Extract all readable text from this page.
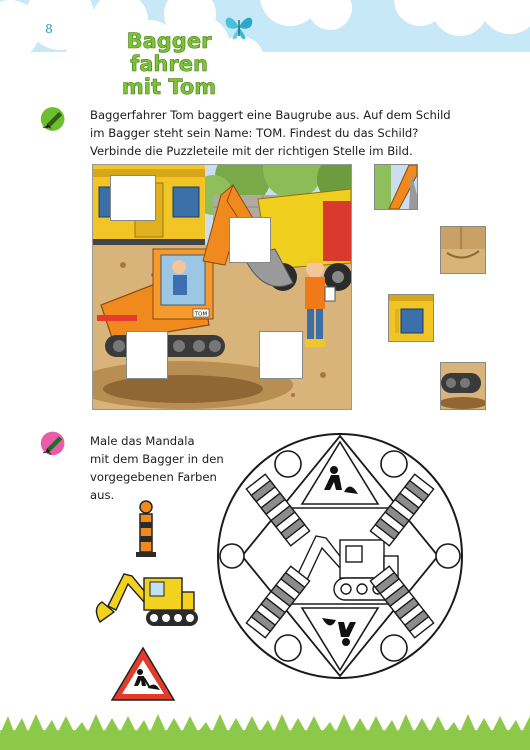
8	Bagger fahren
mit Tom
Baggerfahrer Tom baggert eine Baugrube aus. Auf dem Schild
im Bagger steht sein Name: TOM. Findest du das Schild?
Verbinde die Puzzleteile mit der richtigen Stelle im Bild.
TOM
Male das Mandala
mit dem Bagger in den
vorgegebenen Farben aus.
